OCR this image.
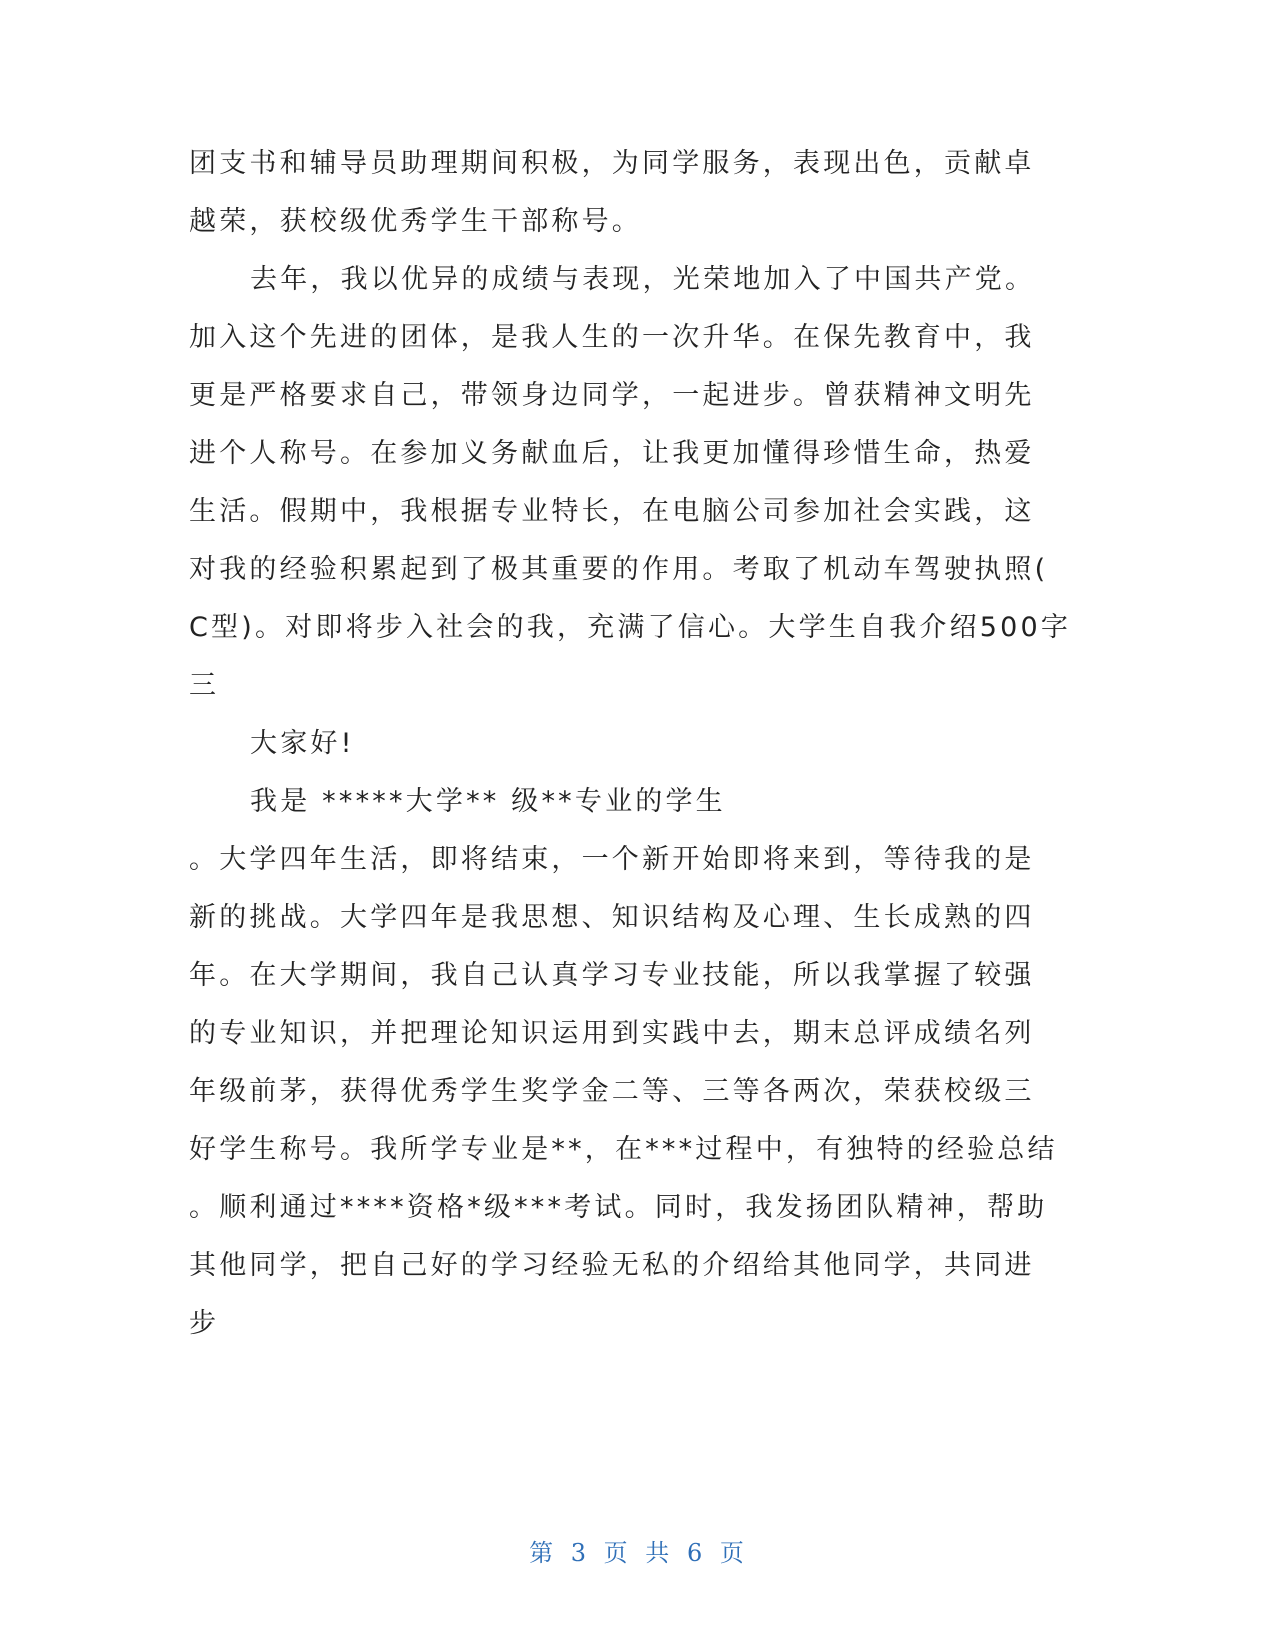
团支书和辅导员助理期间积极，为同学服务，表现出色，贡献卓
越荣，获校级优秀学生干部称号。
去年，我以优异的成绩与表现，光荣地加入了中国共产党。
加入这个先进的团体，是我人生的一次升华。在保先教育中，我
更是严格要求自己，带领身边同学，一起进步。曾获精神文明先
进个人称号。在参加义务献血后，让我更加懂得珍惜生命，热爱
生活。假期中，我根据专业特长，在电脑公司参加社会实践，这
对我的经验积累起到了极其重要的作用。考取了机动车驾驶执照(
C型)。对即将步入社会的我，充满了信心。大学生自我介绍500字
三
大家好!
我是 *****大学** 级**专业的学生
。大学四年生活，即将结束，一个新开始即将来到，等待我的是
新的挑战。大学四年是我思想、知识结构及心理、生长成熟的四
年。在大学期间，我自己认真学习专业技能，所以我掌握了较强
的专业知识，并把理论知识运用到实践中去，期末总评成绩名列
年级前茅，获得优秀学生奖学金二等、三等各两次，荣获校级三
好学生称号。我所学专业是**，在***过程中，有独特的经验总结
。顺利通过****资格*级***考试。同时，我发扬团队精神，帮助
其他同学，把自己好的学习经验无私的介绍给其他同学，共同进
步
第 3 页 共 6 页
